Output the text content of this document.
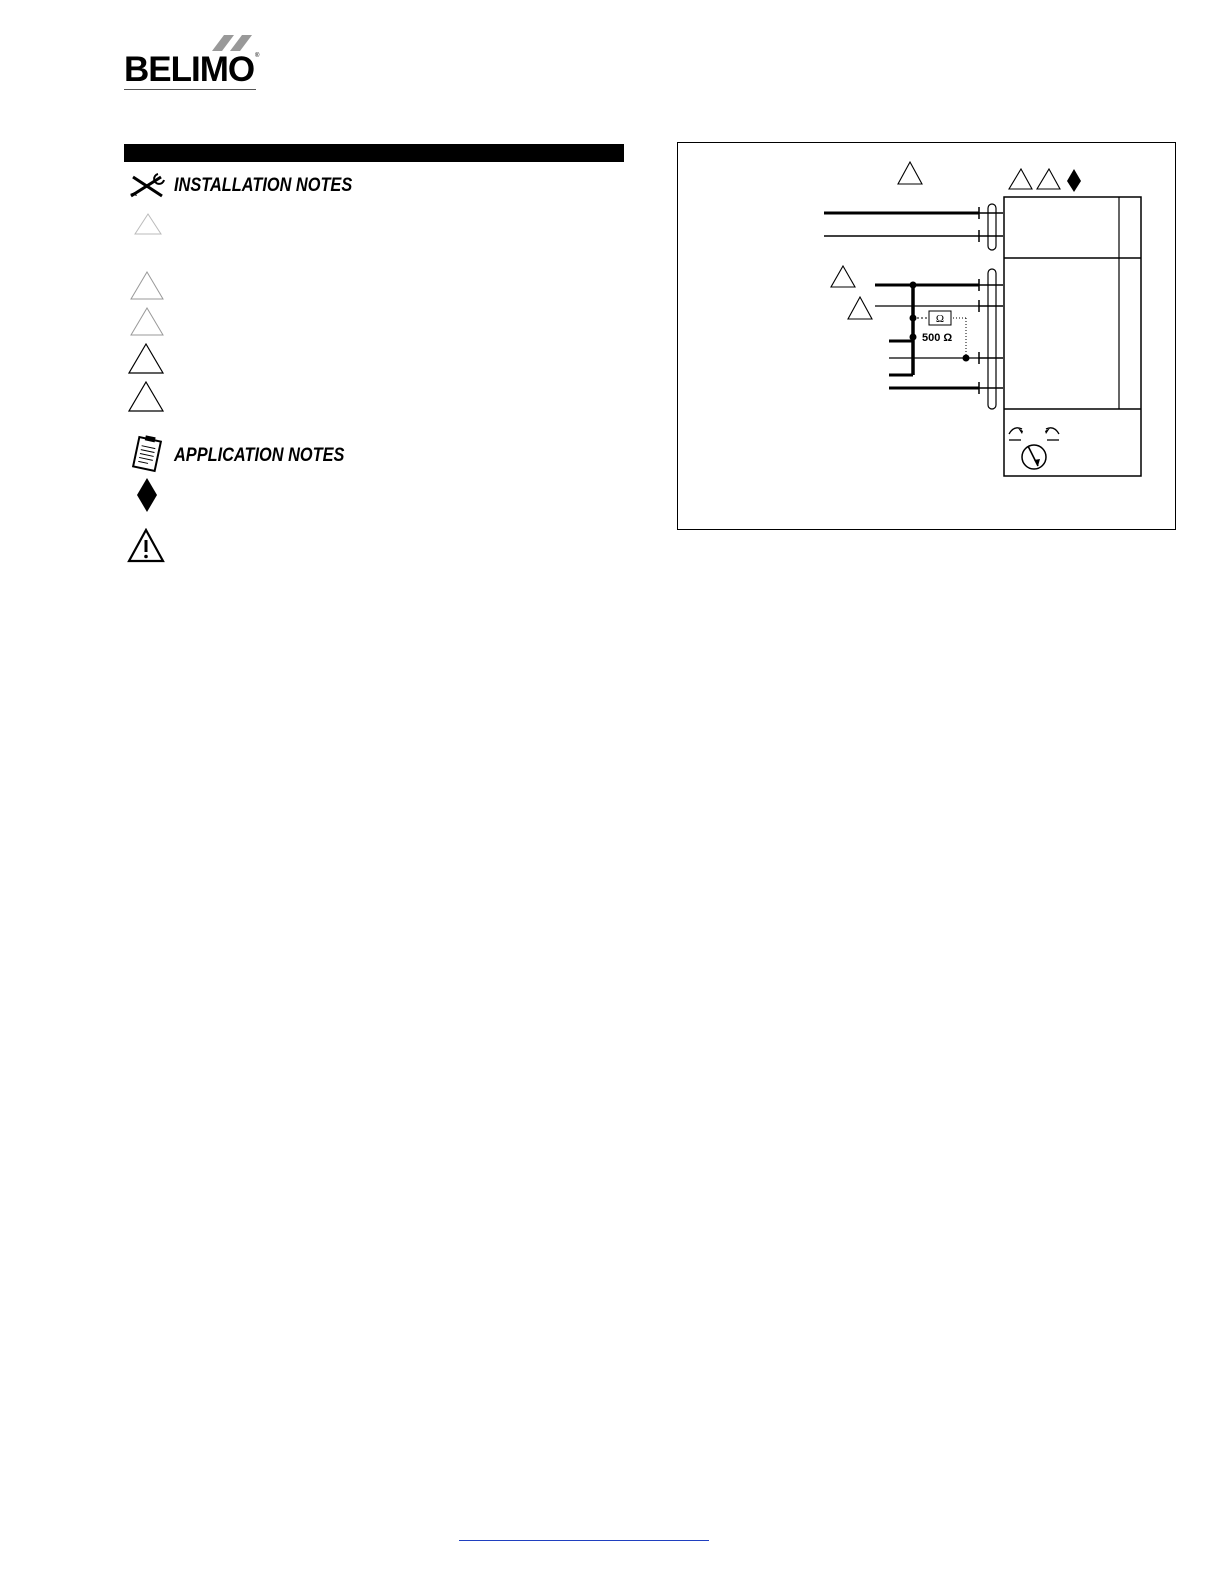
BELIMO ®
INSTALLATION NOTES
APPLICATION NOTES
Ω
500 Ω
